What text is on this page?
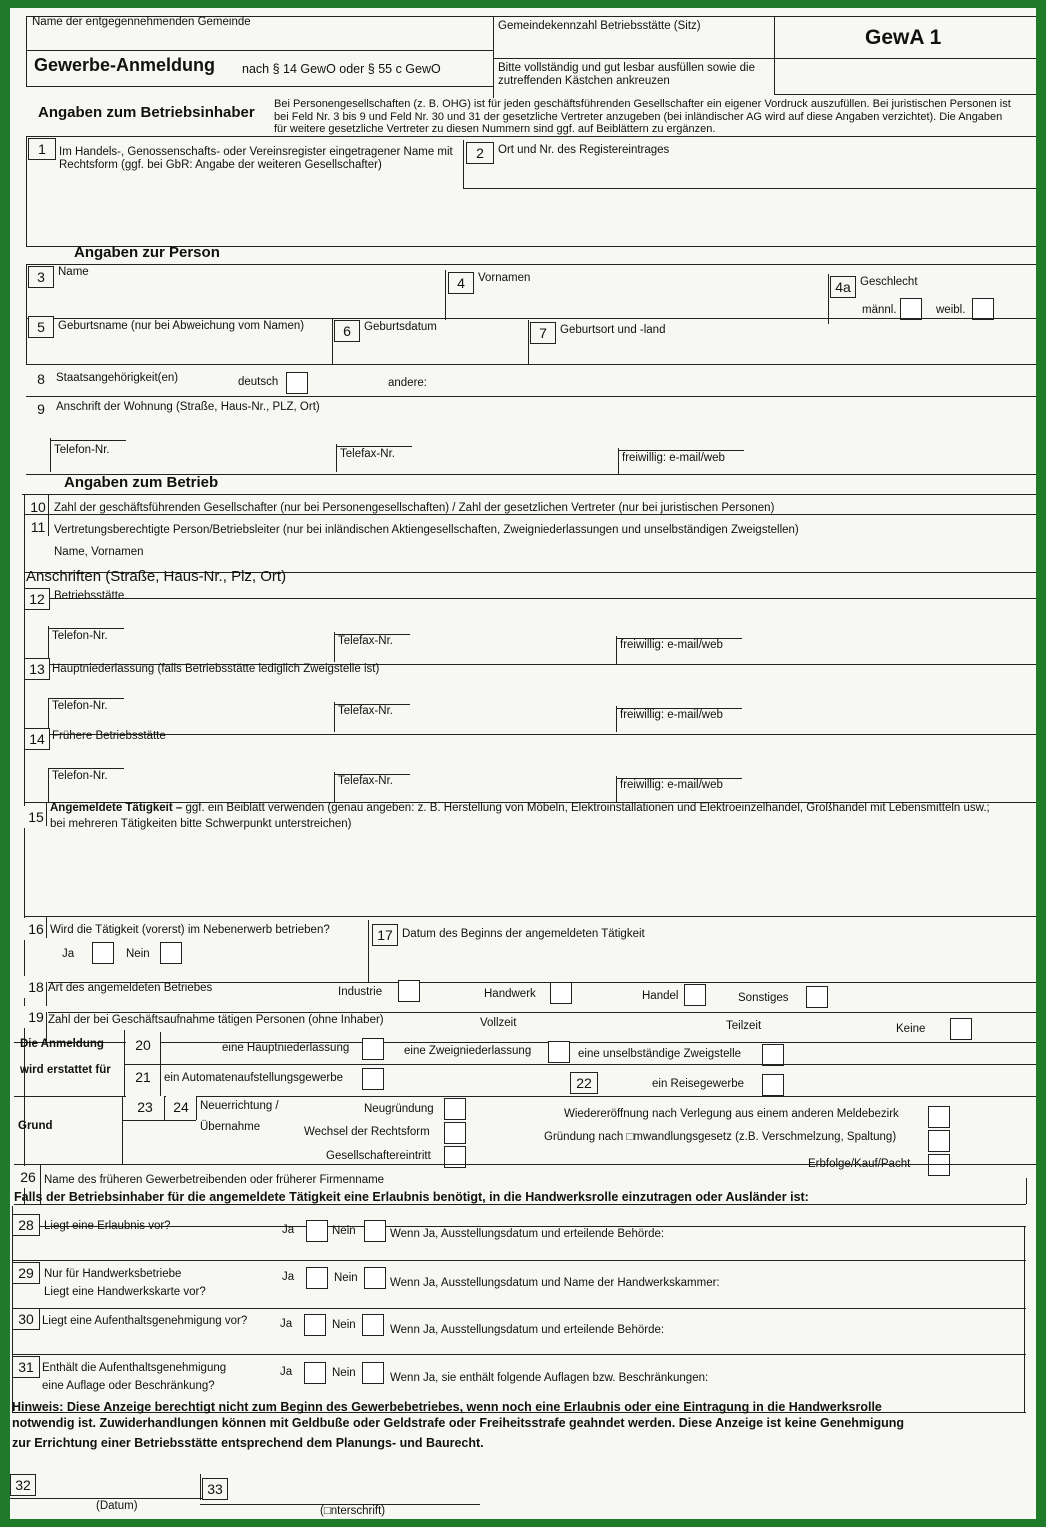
Name der entgegennehmenden Gemeinde	Gemeindekennzahl Betriebsstätte (Sitz)	GewA 1
Gewerbe-Anmeldung nach § 14 GewO oder § 55 c GewO	Bitte vollständig und gut lesbar ausfüllen sowie die zutreffenden Kästchen ankreuzen
Angaben zum Betriebsinhaber Bei Personengesellschaften (z. B. OHG) ist für jeden geschäftsführenden Gesellschafter ein eigener Vordruck auszufüllen. Bei juristischen Personen ist bei Feld Nr. 3 bis 9 und Feld Nr. 30 und 31 der gesetzliche Vertreter anzugeben (bei inländischer AG wird auf diese Angaben verzichtet). Die Angaben für weitere gesetzliche Vertreter zu diesen Nummern sind ggf. auf Beiblättern zu ergänzen.
1	Im Handels-, Genossenschafts- oder Vereinsregister eingetragener Name mit Rechtsform (ggf. bei GbR: Angabe der weiteren Gesellschafter)
2	Ort und Nr. des Registereintrages
Angaben zur Person
3	Name
4	Vornamen
4a Geschlecht
männl.	weibl.
5	Geburtsname (nur bei Abweichung vom Namen)	6	Geburtsdatum	7	Geburtsort und -land
8 Staatsangehörigkeit(en)	deutsch	andere:
9 Anschrift der Wohnung (Straße, Haus-Nr., PLZ, Ort)
Telefon-Nr.	Telefax-Nr.	freiwillig: e-mail/web
Angaben zum Betrieb
10 Zahl der geschäftsführenden Gesellschafter (nur bei Personengesellschaften) / Zahl der gesetzlichen Vertreter (nur bei juristischen Personen)
11 Vertretungsberechtigte Person/Betriebsleiter (nur bei inländischen Aktiengesellschaften, Zweigniederlassungen und unselbständigen Zweigstellen)
Name, Vornamen
Anschriften (Straße, Haus-Nr., Plz, Ort)
12 Betriebsstätte
Telefon-Nr.	Telefax-Nr.	freiwillig: e-mail/web
13 Hauptniederlassung (falls Betriebsstätte lediglich Zweigstelle ist)
Telefon-Nr.	Telefax-Nr.	freiwillig: e-mail/web
14 Frühere Betriebsstätte
Telefon-Nr.	Telefax-Nr.	freiwillig: e-mail/web
15
Angemeldete Tätigkeit – ggf. ein Beiblatt verwenden (genau angeben: z. B. Herstellung von Möbeln, Elektroinstallationen und Elektroeinzelhandel, Großhandel mit Lebensmitteln usw.;
bei mehreren Tätigkeiten bitte Schwerpunkt unterstreichen)
16 Wird die Tätigkeit (vorerst) im Nebenerwerb betrieben?
Ja	Nein
17 Datum des Beginns der angemeldeten Tätigkeit
18 Art des angemeldeten Betriebes	Industrie	Handwerk	Handel	Sonstiges
19 Zahl der bei Geschäftsaufnahme tätigen Personen (ohne Inhaber)	Vollzeit	Teilzeit	Keine
Die Anmeldung
wird erstattet für
20	eine Hauptniederlassung	eine Zweigniederlassung	eine unselbständige Zweigstelle
21	ein Automatenaufstellungsgewerbe	22	ein Reisegewerbe
Grund
23	24 Neuerrichtung /
Übernahme
Neugründung
Wechsel der Rechtsform
Gesellschaftereintritt
Wiedereröffnung nach Verlegung aus einem anderen Meldebezirk
Gründung nach □mwandlungsgesetz (z.B. Verschmelzung, Spaltung)
Erbfolge/Kauf/Pacht
26 Name des früheren Gewerbetreibenden oder früherer Firmenname
Falls der Betriebsinhaber für die angemeldete Tätigkeit eine Erlaubnis benötigt, in die Handwerksrolle einzutragen oder Ausländer ist:
28 Liegt eine Erlaubnis vor?	Ja	Nein	Wenn Ja, Ausstellungsdatum und erteilende Behörde:
29 Nur für Handwerksbetriebe
Liegt eine Handwerkskarte vor?
Ja	Nein	Wenn Ja, Ausstellungsdatum und Name der Handwerkskammer:
30 Liegt eine Aufenthaltsgenehmigung vor?	Ja	Nein	Wenn Ja, Ausstellungsdatum und erteilende Behörde:
31 Enthält die Aufenthaltsgenehmigung
eine Auflage oder Beschränkung?
Ja	Nein	Wenn Ja, sie enthält folgende Auflagen bzw. Beschränkungen:
Hinweis: Diese Anzeige berechtigt nicht zum Beginn des Gewerbebetriebes, wenn noch eine Erlaubnis oder eine Eintragung in die Handwerksrolle
notwendig ist. Zuwiderhandlungen können mit Geldbuße oder Geldstrafe oder Freiheitsstrafe geahndet werden. Diese Anzeige ist keine Genehmigung
zur Errichtung einer Betriebsstätte entsprechend dem Planungs- und Baurecht.
32	33
(Datum)	(□nterschrift)
